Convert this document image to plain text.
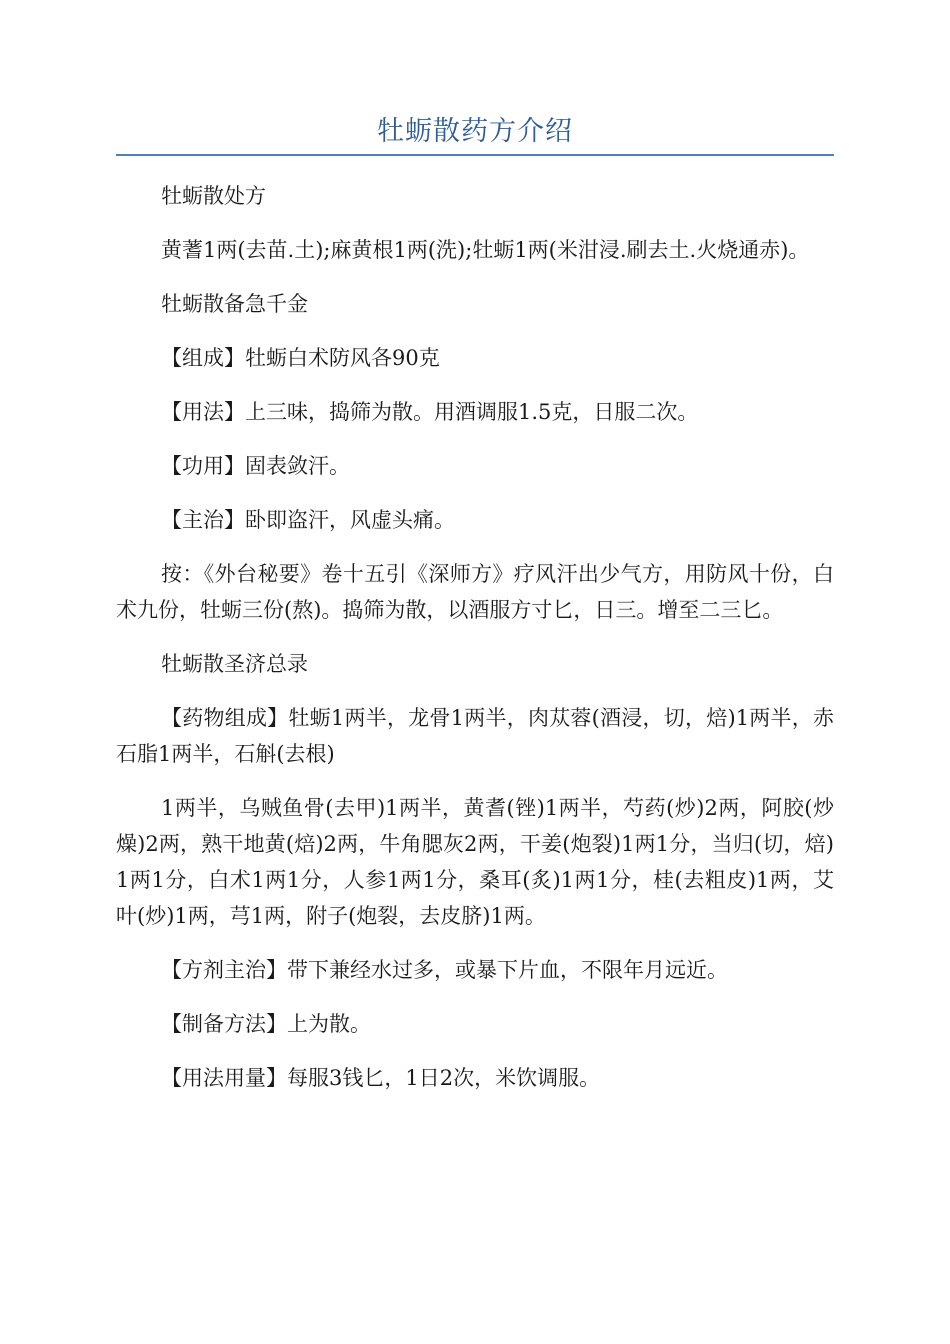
牡蛎散药方介绍

牡蛎散处方

黄蓍1两(去苗.土);麻黄根1两(洗);牡蛎1两(米泔浸.刷去土.火烧通赤)。

牡蛎散备急千金

【组成】牡蛎白术防风各90克

【用法】上三味，捣筛为散。用酒调服1.5克，日服二次。

【功用】固表敛汗。

【主治】卧即盗汗，风虚头痛。

按：《外台秘要》卷十五引《深师方》疗风汗出少气方，用防风十份，白术九份，牡蛎三份(熬)。捣筛为散，以酒服方寸匕，日三。增至二三匕。

牡蛎散圣济总录

【药物组成】牡蛎1两半，龙骨1两半，肉苁蓉(酒浸，切，焙)1两半，赤石脂1两半，石斛(去根)

1两半，乌贼鱼骨(去甲)1两半，黄耆(锉)1两半，芍药(炒)2两，阿胶(炒燥)2两，熟干地黄(焙)2两，牛角腮灰2两，干姜(炮裂)1两1分，当归(切，焙)1两1分，白术1两1分，人参1两1分，桑耳(炙)1两1分，桂(去粗皮)1两，艾叶(炒)1两，芎1两，附子(炮裂，去皮脐)1两。

【方剂主治】带下兼经水过多，或暴下片血，不限年月远近。

【制备方法】上为散。

【用法用量】每服3钱匕，1日2次，米饮调服。
